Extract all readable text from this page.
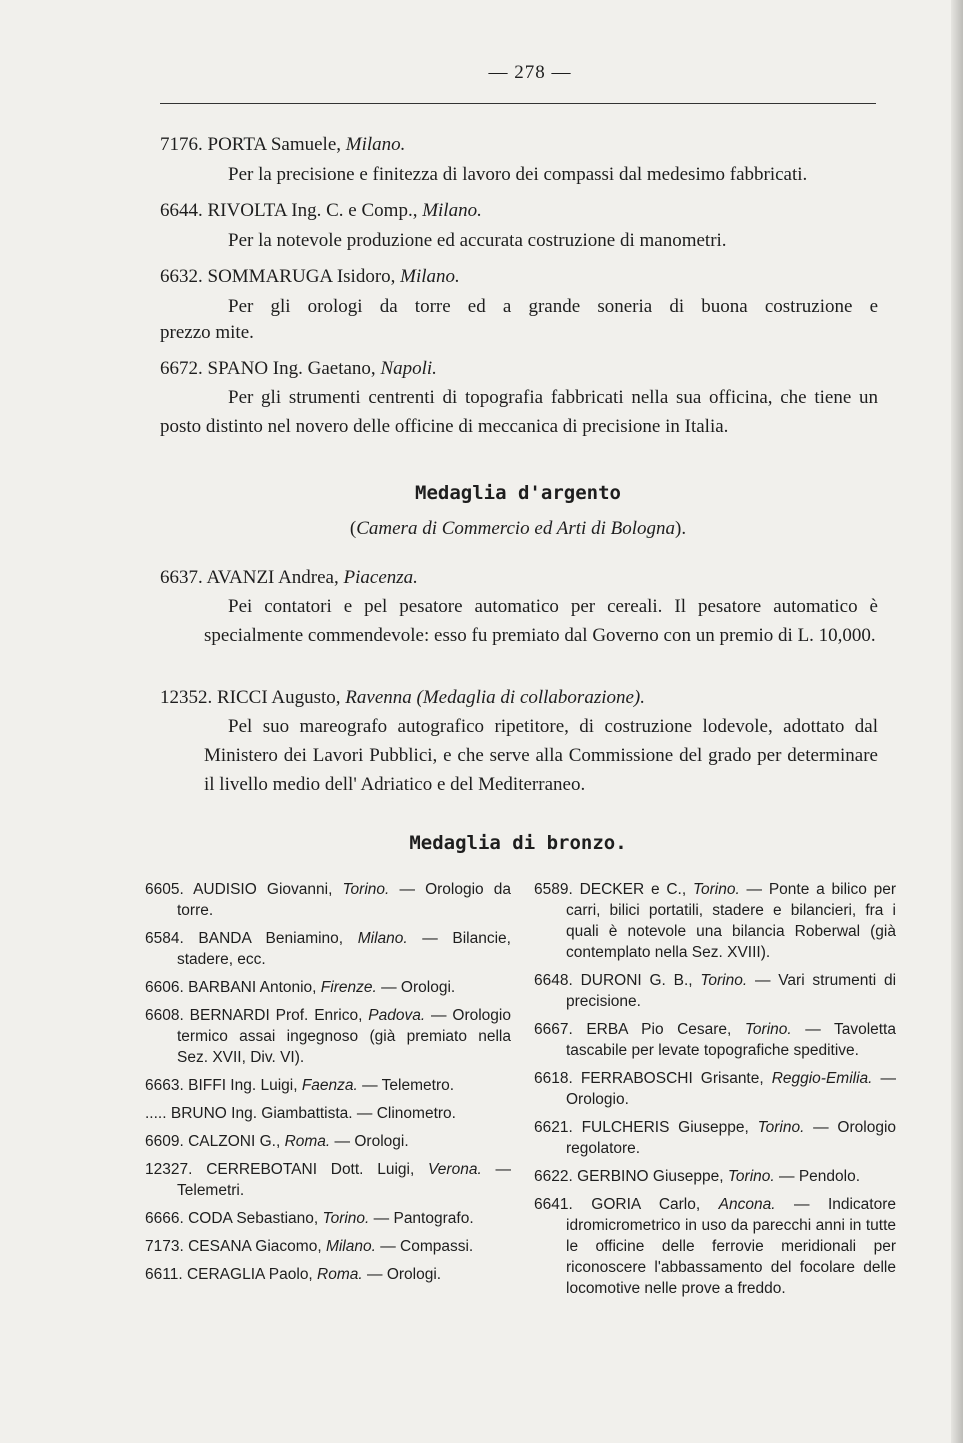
— 278 —
7176. PORTA Samuele, Milano.
Per la precisione e finitezza di lavoro dei compassi dal medesimo fabbricati.
6644. RIVOLTA Ing. C. e Comp., Milano.
Per la notevole produzione ed accurata costruzione di manometri.
6632. SOMMARUGA Isidoro, Milano.
Per gli orologi da torre ed a grande soneria di buona costruzione e
prezzo mite.
6672. SPANO Ing. Gaetano, Napoli.
Per gli strumenti centrenti di topografia fabbricati nella sua officina, che tiene un posto distinto nel novero delle officine di meccanica di precisione in Italia.
Medaglia d'argento
(Camera di Commercio ed Arti di Bologna).
6637. AVANZI Andrea, Piacenza.
Pei contatori e pel pesatore automatico per cereali. Il pesatore automatico è specialmente commendevole: esso fu premiato dal Governo con un premio di L. 10,000.
12352. RICCI Augusto, Ravenna (Medaglia di collaborazione).
Pel suo mareografo autografico ripetitore, di costruzione lodevole, adottato dal Ministero dei Lavori Pubblici, e che serve alla Commissione del grado per determinare il livello medio dell' Adriatico e del Mediterraneo.
Medaglia di bronzo.
6605. AUDISIO Giovanni, Torino. — Orologio da torre.
6584. BANDA Beniamino, Milano. — Bilancie, stadere, ecc.
6606. BARBANI Antonio, Firenze. — Orologi.
6608. BERNARDI Prof. Enrico, Padova. — Orologio termico assai ingegnoso (già premiato nella Sez. XVII, Div. VI).
6663. BIFFI Ing. Luigi, Faenza. — Telemetro.
..... BRUNO Ing. Giambattista. — Clinometro.
6609. CALZONI G., Roma. — Orologi.
12327. CERREBOTANI Dott. Luigi, Verona. — Telemetri.
6666. CODA Sebastiano, Torino. — Pantografo.
7173. CESANA Giacomo, Milano. — Compassi.
6611. CERAGLIA Paolo, Roma. — Orologi.
6589. DECKER e C., Torino. — Ponte a bilico per carri, bilici portatili, stadere e bilancieri, fra i quali è notevole una bilancia Roberwal (già contemplato nella Sez. XVIII).
6648. DURONI G. B., Torino. — Vari strumenti di precisione.
6667. ERBA Pio Cesare, Torino. — Tavoletta tascabile per levate topografiche speditive.
6618. FERRABOSCHI Grisante, Reggio-Emilia. — Orologio.
6621. FULCHERIS Giuseppe, Torino. — Orologio regolatore.
6622. GERBINO Giuseppe, Torino. — Pendolo.
6641. GORIA Carlo, Ancona. — Indicatore idromicrometrico in uso da parecchi anni in tutte le officine delle ferrovie meridionali per riconoscere l'abbassamento del focolare delle locomotive nelle prove a freddo.
